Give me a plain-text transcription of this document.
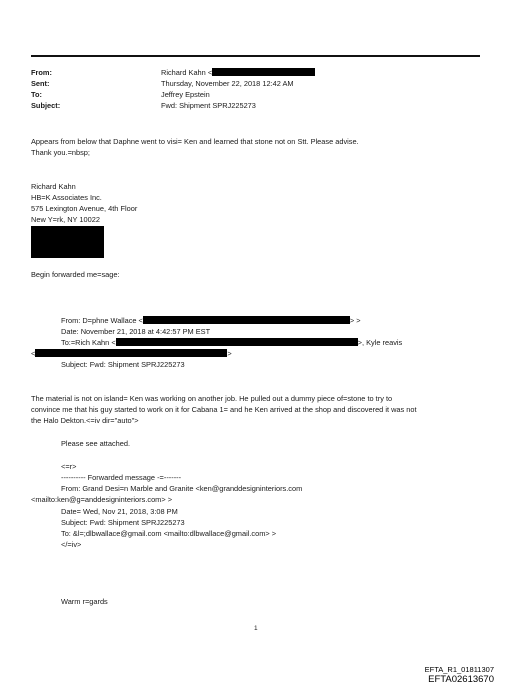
From:	Richard Kahn <
Sent:	Thursday, November 22, 2018 12:42 AM
To:	Jeffrey Epstein
Subject:	Fwd: Shipment SPRJ225273
Appears from below that Daphne went to visi= Ken and learned that stone not on Stt. Please advise.
Thank you.=nbsp;
Richard Kahn
HB=K Associates Inc.
575 Lexington Avenue, 4th Floor
New Y=rk, NY 10022
Begin forwarded me=sage:
From: D=phne Wallace <	> >
Date: November 21, 2018 at 4:42:57 PM EST
To:=Rich Kahn <	>, Kyle reavis
<	>
Subject: Fwd: Shipment SPRJ225273
The material is not on island= Ken was working on another job. He pulled out a dummy piece of=stone to try to
convince me that his guy started to work on it for Cabana 1= and he Ken arrived at the shop and discovered it was not
the Halo Dekton.<=iv dir="auto">
Please see attached.
<=r>
---------- Forwarded message -=-------
From: Grand Desi=n Marble and Granite <ken@granddesigninteriors.com
<mailto:ken@g=anddesigninteriors.com> >
Date= Wed, Nov 21, 2018, 3:08 PM
Subject: Fwd: Shipment SPRJ225273
To: &l=;dlbwallace@gmail.com <mailto:dlbwallace@gmail.com> >
</=iv>
Warm r=gards
1
EFTA_R1_01811307
EFTA02613670
